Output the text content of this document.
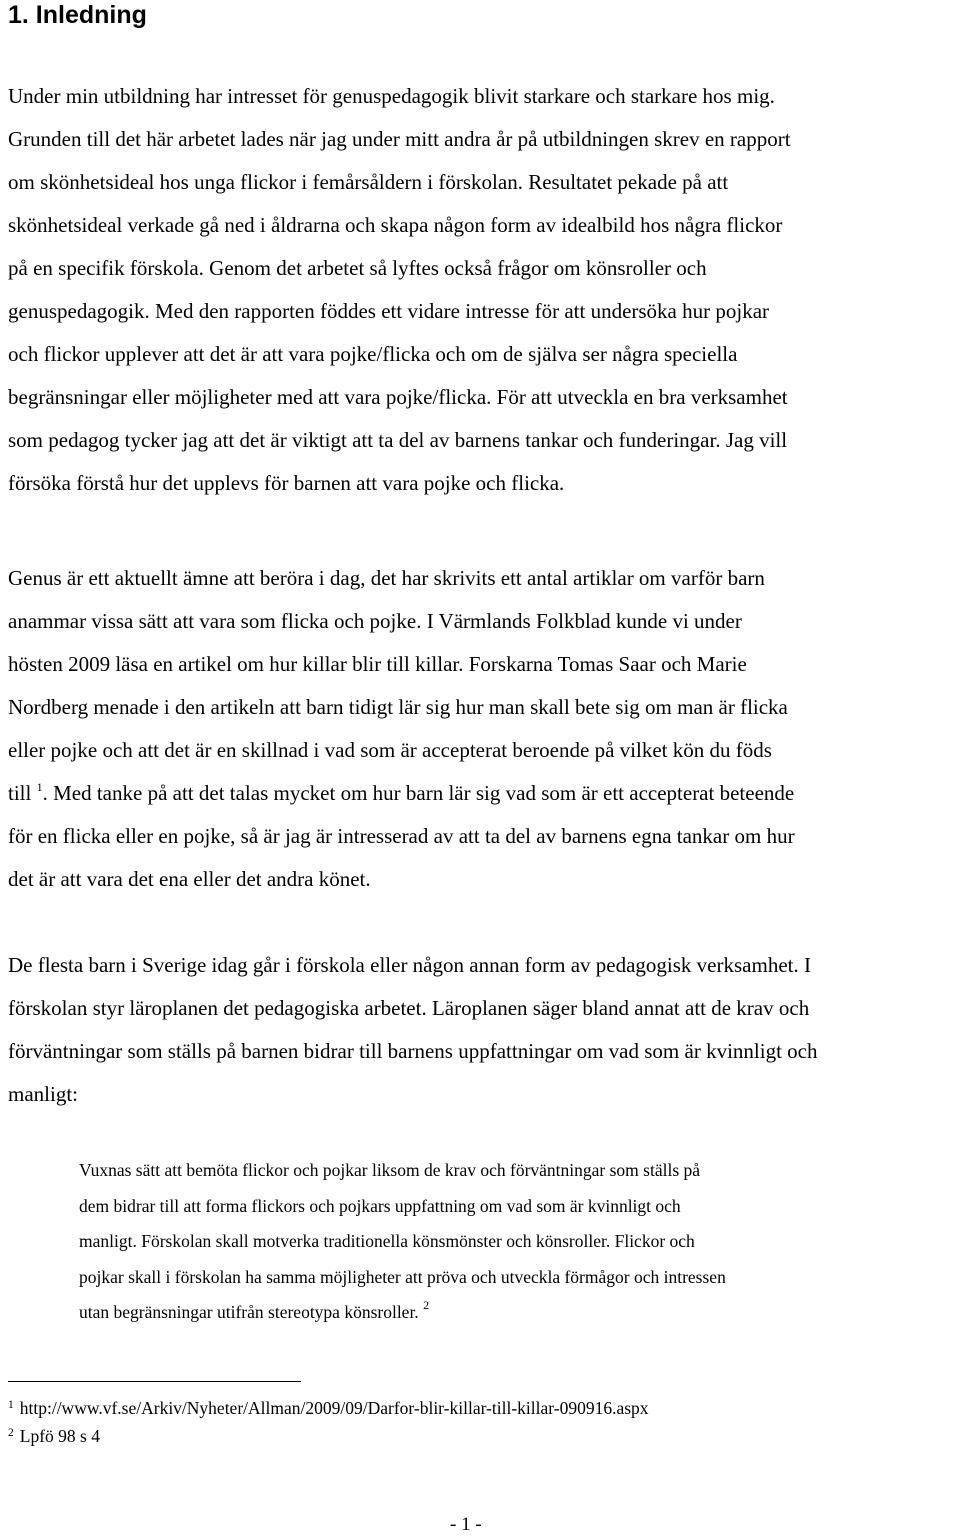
1. Inledning

Under min utbildning har intresset för genuspedagogik blivit starkare och starkare hos mig.
Grunden till det här arbetet lades när jag under mitt andra år på utbildningen skrev en rapport
om skönhetsideal hos unga flickor i femårsåldern i förskolan. Resultatet pekade på att
skönhetsideal verkade gå ned i åldrarna och skapa någon form av idealbild hos några flickor
på en specifik förskola. Genom det arbetet så lyftes också frågor om könsroller och
genuspedagogik. Med den rapporten föddes ett vidare intresse för att undersöka hur pojkar
och flickor upplever att det är att vara pojke/flicka och om de själva ser några speciella
begränsningar eller möjligheter med att vara pojke/flicka. För att utveckla en bra verksamhet
som pedagog tycker jag att det är viktigt att ta del av barnens tankar och funderingar. Jag vill
försöka förstå hur det upplevs för barnen att vara pojke och flicka.

Genus är ett aktuellt ämne att beröra i dag, det har skrivits ett antal artiklar om varför barn
anammar vissa sätt att vara som flicka och pojke. I Värmlands Folkblad kunde vi under
hösten 2009 läsa en artikel om hur killar blir till killar. Forskarna Tomas Saar och Marie
Nordberg menade i den artikeln att barn tidigt lär sig hur man skall bete sig om man är flicka
eller pojke och att det är en skillnad i vad som är accepterat beroende på vilket kön du föds
till $^1$. Med tanke på att det talas mycket om hur barn lär sig vad som är ett accepterat beteende
för en flicka eller en pojke, så är jag är intresserad av att ta del av barnens egna tankar om hur
det är att vara det ena eller det andra könet.

De flesta barn i Sverige idag går i förskola eller någon annan form av pedagogisk verksamhet. I
förskolan styr läroplanen det pedagogiska arbetet. Läroplanen säger bland annat att de krav och
förväntningar som ställs på barnen bidrar till barnens uppfattningar om vad som är kvinnligt och
manligt:

Vuxnas sätt att bemöta flickor och pojkar liksom de krav och förväntningar som ställs på
dem bidrar till att forma flickors och pojkars uppfattning om vad som är kvinnligt och
manligt. Förskolan skall motverka traditionella könsmönster och könsroller. Flickor och
pojkar skall i förskolan ha samma möjligheter att pröva och utveckla förmågor och intressen
utan begränsningar utifrån stereotypa könsroller. $^2$
$^1$ http://www.vf.se/Arkiv/Nyheter/Allman/2009/09/Darfor-blir-killar-till-killar-090916.aspx
$^2$ Lpfö 98 s 4
- 1 -
